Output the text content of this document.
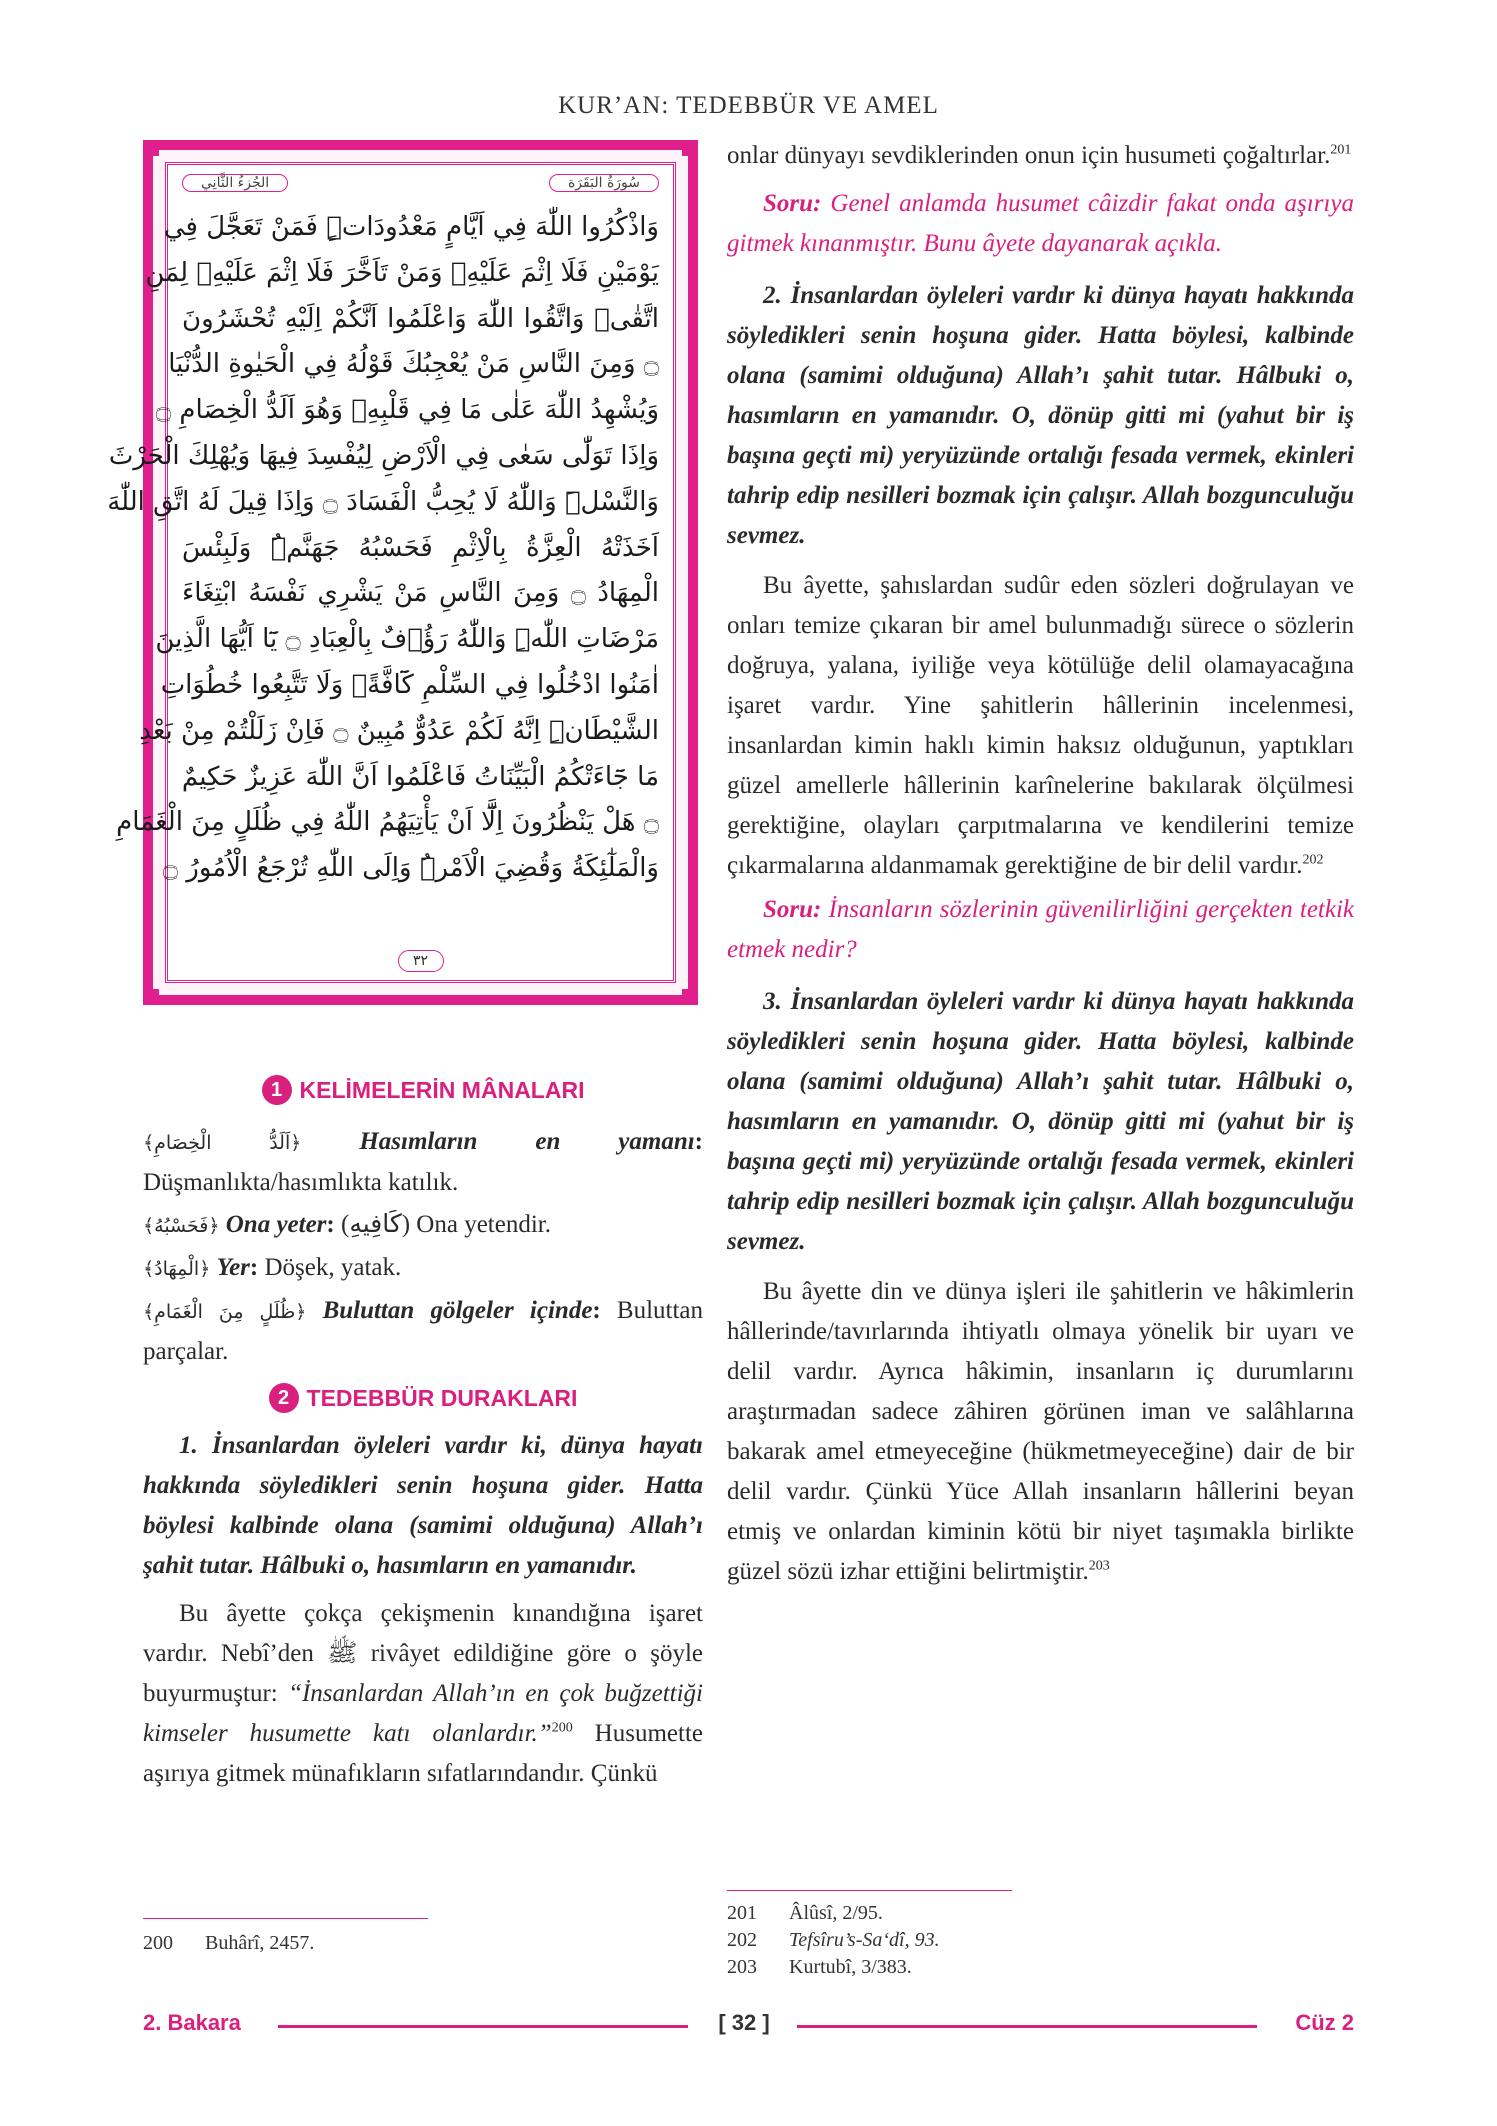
KUR’AN: TEDEBBÜR VE AMEL
سُورَةُ البَقَرَة
الجُزءُ الثَّانِي
وَاذْكُرُوا اللّٰهَ فِي اَيَّامٍ مَعْدُودَاتٍۜ فَمَنْ تَعَجَّلَ فِي
يَوْمَيْنِ فَلَا اِثْمَ عَلَيْهِۚ وَمَنْ تَاَخَّرَ فَلَا اِثْمَ عَلَيْهِۙ لِمَنِ
اتَّقٰىۜ وَاتَّقُوا اللّٰهَ وَاعْلَمُوا اَنَّكُمْ اِلَيْهِ تُحْشَرُونَ
۝ وَمِنَ النَّاسِ مَنْ يُعْجِبُكَ قَوْلُهُ فِي الْحَيٰوةِ الدُّنْيَا
وَيُشْهِدُ اللّٰهَ عَلٰى مَا فِي قَلْبِهِۙ وَهُوَ اَلَدُّ الْخِصَامِ ۝
وَاِذَا تَوَلّٰى سَعٰى فِي الْاَرْضِ لِيُفْسِدَ فِيهَا وَيُهْلِكَ الْحَرْثَ
وَالنَّسْلَۜ وَاللّٰهُ لَا يُحِبُّ الْفَسَادَ ۝ وَاِذَا قِيلَ لَهُ اتَّقِ اللّٰهَ
اَخَذَتْهُ الْعِزَّةُ بِالْاِثْمِ فَحَسْبُهُ جَهَنَّمُۜ وَلَبِئْسَ
الْمِهَادُ ۝ وَمِنَ النَّاسِ مَنْ يَشْرِي نَفْسَهُ ابْتِغَاءَ
مَرْضَاتِ اللّٰهِۜ وَاللّٰهُ رَؤُ۫فٌ بِالْعِبَادِ ۝ يَٓا اَيُّهَا الَّذِينَ
اٰمَنُوا ادْخُلُوا فِي السِّلْمِ كَٓافَّةًۖ وَلَا تَتَّبِعُوا خُطُوَاتِ
الشَّيْطَانِۜ اِنَّهُ لَكُمْ عَدُوٌّ مُبِينٌ ۝ فَاِنْ زَلَلْتُمْ مِنْ بَعْدِ
مَا جَٓاءَتْكُمُ الْبَيِّنَاتُ فَاعْلَمُوا اَنَّ اللّٰهَ عَزِيزٌ حَكِيمٌ
۝ هَلْ يَنْظُرُونَ اِلَّٓا اَنْ يَأْتِيَهُمُ اللّٰهُ فِي ظُلَلٍ مِنَ الْغَمَامِ
وَالْمَلٰٓئِكَةُ وَقُضِيَ الْاَمْرُۜ وَاِلَى اللّٰهِ تُرْجَعُ الْاُمُورُ ۝
٣٢
1 KELİMELERİN MÂNALARI
﴿اَلَدُّ الْخِصَامِ﴾ Hasımların en yamanı: Düşmanlıkta/hasımlıkta katılık.
﴿فَحَسْبُهُ﴾ Ona yeter: (كَافِيهِ) Ona yetendir.
﴿الْمِهَادُ﴾ Yer: Döşek, yatak.
﴿ظُلَلٍ مِنَ الْغَمَامِ﴾ Buluttan gölgeler içinde: Buluttan parçalar.
2 TEDEBBÜR DURAKLARI
1. İnsanlardan öyleleri vardır ki, dünya hayatı hakkında söyledikleri senin hoşuna gider. Hatta böylesi kalbinde olana (samimi olduğuna) Allah’ı şahit tutar. Hâlbuki o, hasımların en yamanıdır.
Bu âyette çokça çekişmenin kınandığına işaret vardır. Nebî’den ﷺ rivâyet edildiğine göre o şöyle buyurmuştur: “İnsanlardan Allah’ın en çok buğzettiği kimseler husumette katı olanlardır.”$^{200}$ Husumette aşırıya gitmek münafıkların sıfatlarındandır. Çünkü
200 Buhârî, 2457.
onlar dünyayı sevdiklerinden onun için husumeti çoğaltırlar.$^{201}$
Soru: Genel anlamda husumet câizdir fakat onda aşırıya gitmek kınanmıştır. Bunu âyete dayanarak açıkla.
2. İnsanlardan öyleleri vardır ki dünya hayatı hakkında söyledikleri senin hoşuna gider. Hatta böylesi, kalbinde olana (samimi olduğuna) Allah’ı şahit tutar. Hâlbuki o, hasımların en yamanıdır. O, dönüp gitti mi (yahut bir iş başına geçti mi) yeryüzünde ortalığı fesada vermek, ekinleri tahrip edip nesilleri bozmak için çalışır. Allah bozgunculuğu sevmez.
Bu âyette, şahıslardan sudûr eden sözleri doğrulayan ve onları temize çıkaran bir amel bulunmadığı sürece o sözlerin doğruya, yalana, iyiliğe veya kötülüğe delil olamayacağına işaret vardır. Yine şahitlerin hâllerinin incelenmesi, insanlardan kimin haklı kimin haksız olduğunun, yaptıkları güzel amellerle hâllerinin karînelerine bakılarak ölçülmesi gerektiğine, olayları çarpıtmalarına ve kendilerini temize çıkarmalarına aldanmamak gerektiğine de bir delil vardır.$^{202}$
Soru: İnsanların sözlerinin güvenilirliğini gerçekten tetkik etmek nedir?
3. İnsanlardan öyleleri vardır ki dünya hayatı hakkında söyledikleri senin hoşuna gider. Hatta böylesi, kalbinde olana (samimi olduğuna) Allah’ı şahit tutar. Hâlbuki o, hasımların en yamanıdır. O, dönüp gitti mi (yahut bir iş başına geçti mi) yeryüzünde ortalığı fesada vermek, ekinleri tahrip edip nesilleri bozmak için çalışır. Allah bozgunculuğu sevmez.
Bu âyette din ve dünya işleri ile şahitlerin ve hâkimlerin hâllerinde/tavırlarında ihtiyatlı olmaya yönelik bir uyarı ve delil vardır. Ayrıca hâkimin, insanların iç durumlarını araştırmadan sadece zâhiren görünen iman ve salâhlarına bakarak amel etmeyeceğine (hükmetmeyeceğine) dair de bir delil vardır. Çünkü Yüce Allah insanların hâllerini beyan etmiş ve onlardan kiminin kötü bir niyet taşımakla birlikte güzel sözü izhar ettiğini belirtmiştir.$^{203}$
201 Âlûsî, 2/95.
202 Tefsîru’s-Sa‘dî, 93.
203 Kurtubî, 3/383.
2. Bakara	[ 32 ]	Cüz 2
